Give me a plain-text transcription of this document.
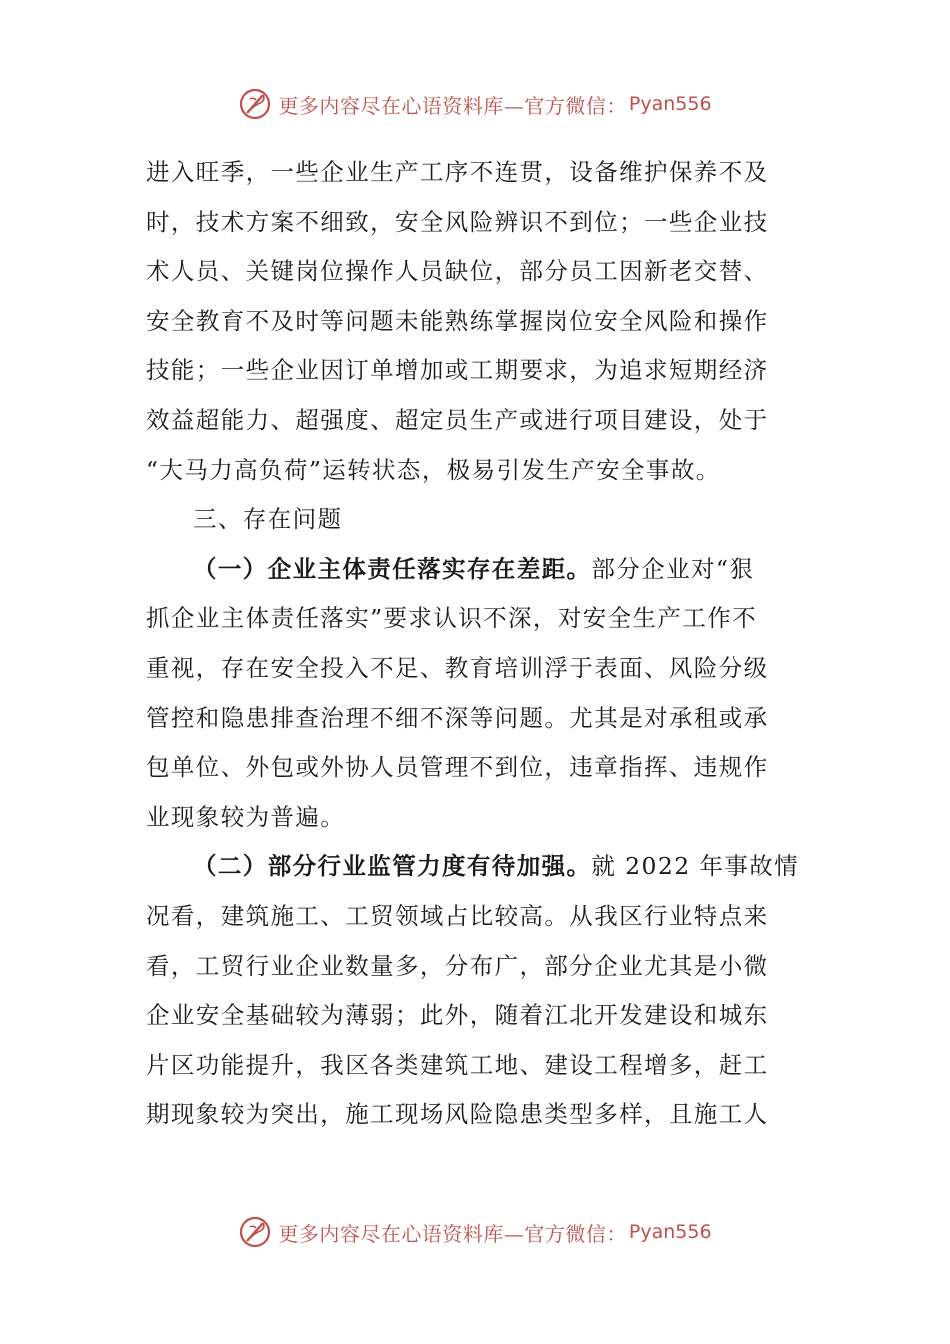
更多内容尽在心语资料库—官方微信： Pyan556

进入旺季，一些企业生产工序不连贯，设备维护保养不及

时，技术方案不细致，安全风险辨识不到位；一些企业技

术人员、关键岗位操作人员缺位，部分员工因新老交替、

安全教育不及时等问题未能熟练掌握岗位安全风险和操作

技能；一些企业因订单增加或工期要求，为追求短期经济

效益超能力、超强度、超定员生产或进行项目建设，处于

“大马力高负荷”运转状态，极易引发生产安全事故。

三、存在问题

（一）企业主体责任落实存在差距。部分企业对“狠

抓企业主体责任落实”要求认识不深，对安全生产工作不

重视，存在安全投入不足、教育培训浮于表面、风险分级

管控和隐患排查治理不细不深等问题。尤其是对承租或承

包单位、外包或外协人员管理不到位，违章指挥、违规作

业现象较为普遍。

（二）部分行业监管力度有待加强。就 2022 年事故情

况看，建筑施工、工贸领域占比较高。从我区行业特点来

看，工贸行业企业数量多，分布广，部分企业尤其是小微

企业安全基础较为薄弱；此外，随着江北开发建设和城东

片区功能提升，我区各类建筑工地、建设工程增多，赶工

期现象较为突出，施工现场风险隐患类型多样，且施工人

更多内容尽在心语资料库—官方微信： Pyan556
